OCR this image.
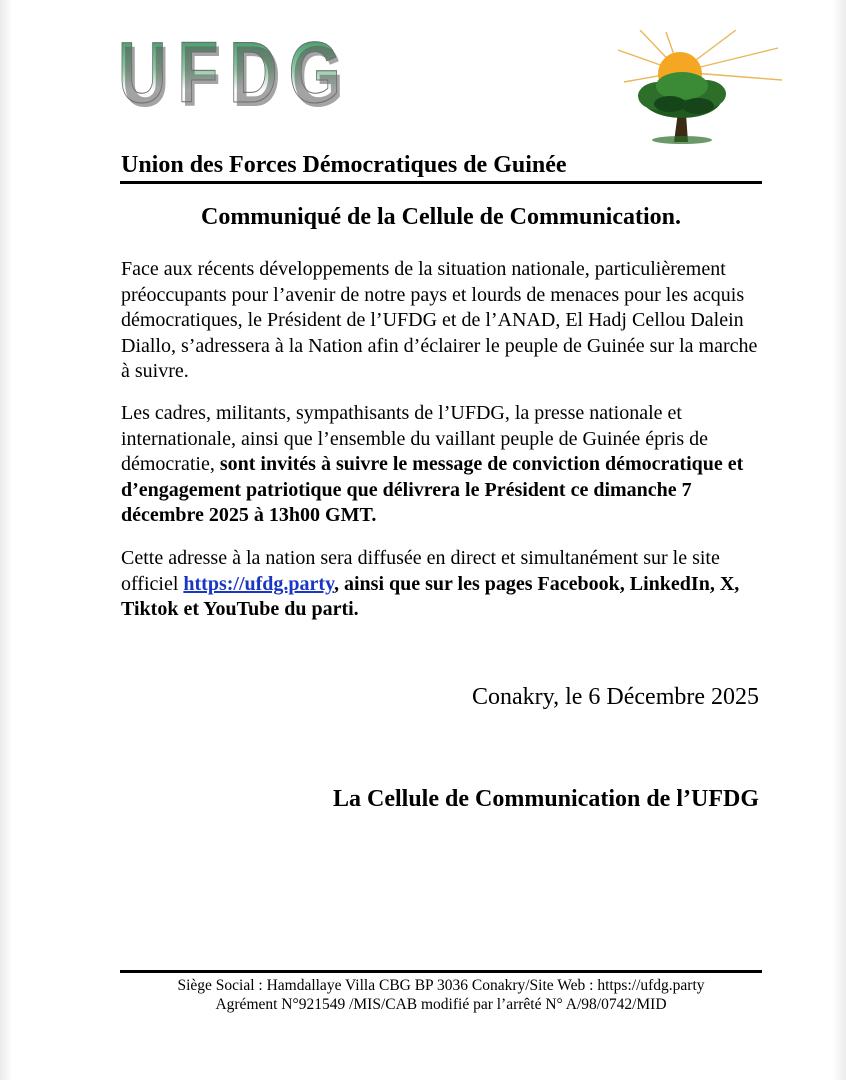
UFDG
Union des Forces Démocratiques de Guinée
Communiqué de la Cellule de Communication.
Face aux récents développements de la situation nationale, particulièrement préoccupants pour l’avenir de notre pays et lourds de menaces pour les acquis démocratiques, le Président de l’UFDG et de l’ANAD, El Hadj Cellou Dalein Diallo, s’adressera à la Nation afin d’éclairer le peuple de Guinée sur la marche à suivre.
Les cadres, militants, sympathisants de l’UFDG, la presse nationale et internationale, ainsi que l’ensemble du vaillant peuple de Guinée épris de démocratie, sont invités à suivre le message de conviction démocratique et d’engagement patriotique que délivrera le Président ce dimanche 7 décembre 2025 à 13h00 GMT.
Cette adresse à la nation sera diffusée en direct et simultanément sur le site officiel https://ufdg.party, ainsi que sur les pages Facebook, LinkedIn, X, Tiktok et YouTube du parti.
Conakry, le 6 Décembre 2025
La Cellule de Communication de l’UFDG
Siège Social : Hamdallaye Villa CBG BP 3036 Conakry/Site Web : https://ufdg.party
Agrément N°921549 /MIS/CAB modifié par l’arrêté N° A/98/0742/MID
